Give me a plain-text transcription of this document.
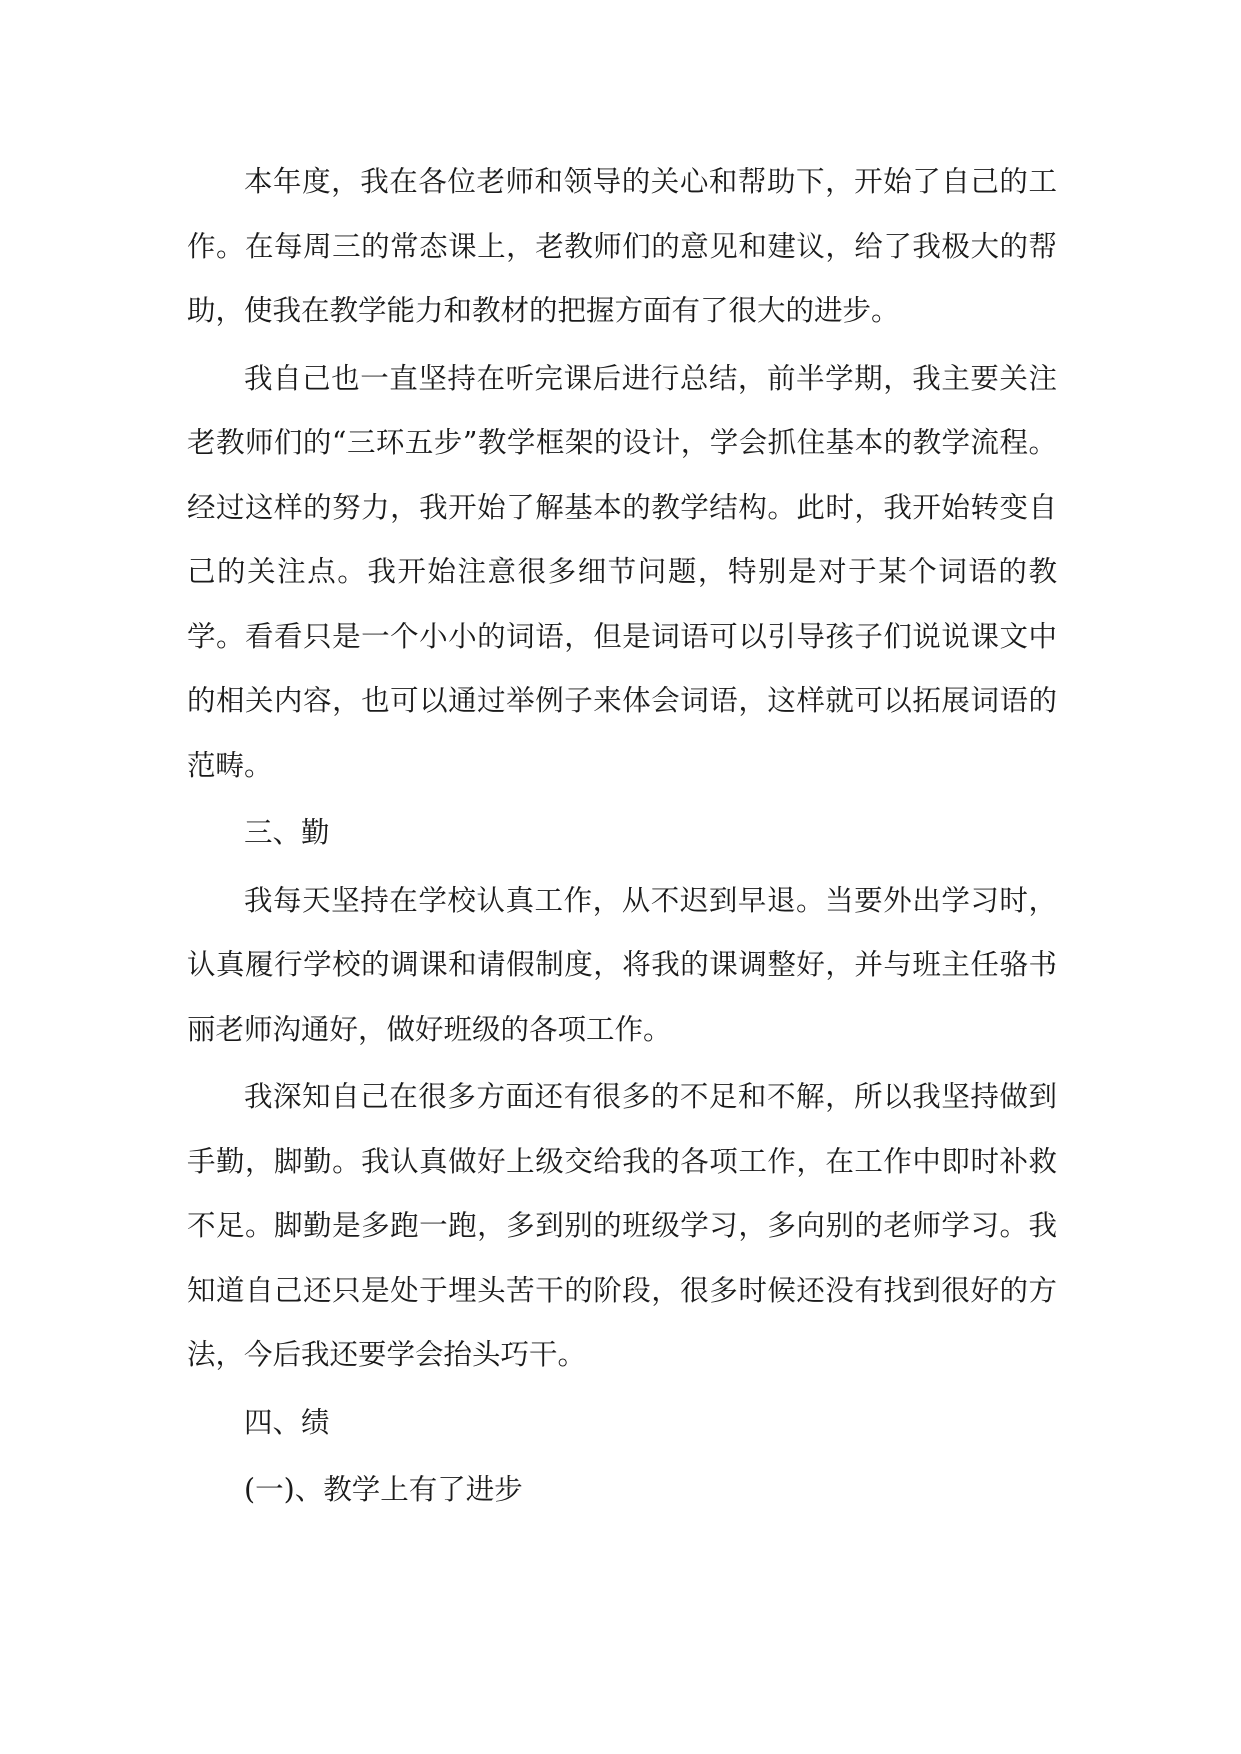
本年度，我在各位老师和领导的关心和帮助下，开始了自己的工作。在每周三的常态课上，老教师们的意见和建议，给了我极大的帮助，使我在教学能力和教材的把握方面有了很大的进步。

我自己也一直坚持在听完课后进行总结，前半学期，我主要关注老教师们的“三环五步”教学框架的设计，学会抓住基本的教学流程。经过这样的努力，我开始了解基本的教学结构。此时，我开始转变自己的关注点。我开始注意很多细节问题，特别是对于某个词语的教学。看看只是一个小小的词语，但是词语可以引导孩子们说说课文中的相关内容，也可以通过举例子来体会词语，这样就可以拓展词语的范畴。

三、勤

我每天坚持在学校认真工作，从不迟到早退。当要外出学习时，认真履行学校的调课和请假制度，将我的课调整好，并与班主任骆书丽老师沟通好，做好班级的各项工作。

我深知自己在很多方面还有很多的不足和不解，所以我坚持做到手勤，脚勤。我认真做好上级交给我的各项工作，在工作中即时补救不足。脚勤是多跑一跑，多到别的班级学习，多向别的老师学习。我知道自己还只是处于埋头苦干的阶段，很多时候还没有找到很好的方法，今后我还要学会抬头巧干。

四、绩

(一)、教学上有了进步
